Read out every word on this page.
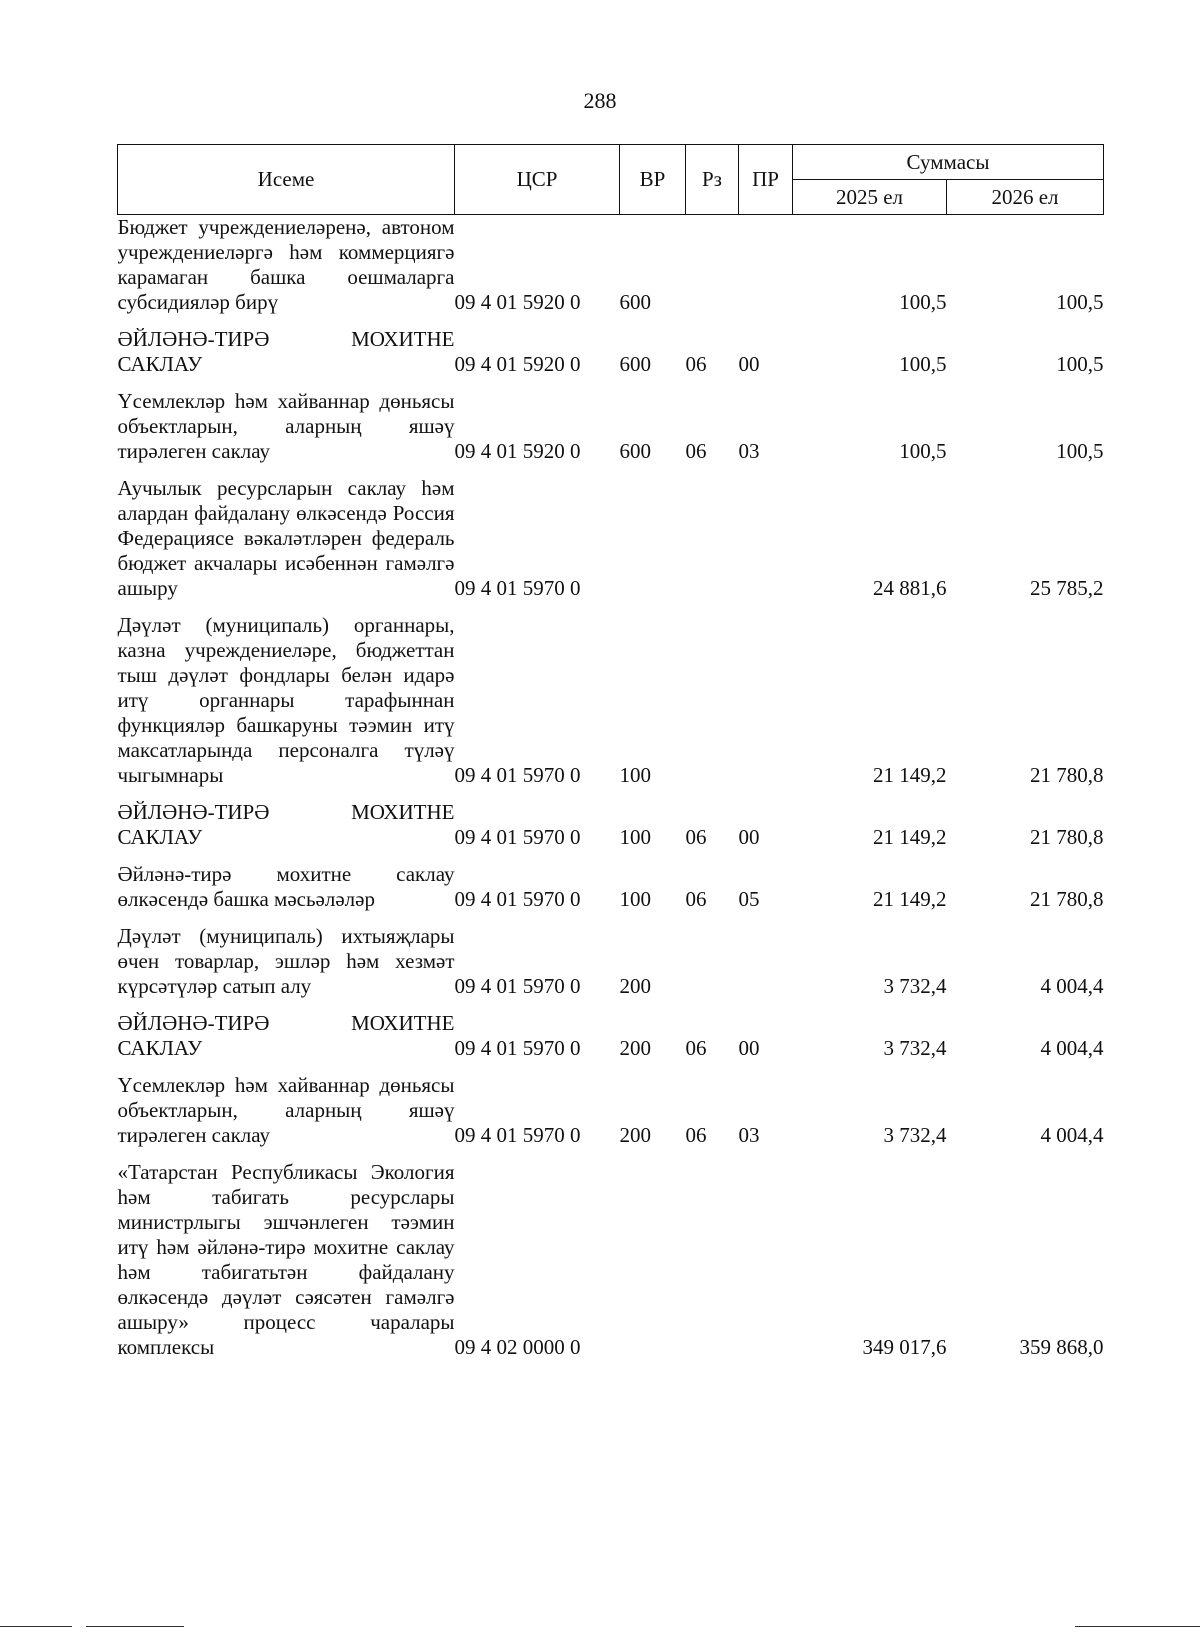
288
Исеме	ЦСР	ВР	Рз	ПР	Суммасы	
					2025 ел	2026 ел
Бюджет учреждениеләренә, автоном учреждениеләргә һәм коммерциягә карамаган башка оешмаларга субсидияләр бирү	09 4 01 5920 0	600			100,5	100,5

ӘЙЛӘНӘ-ТИРӘ МОХИТНЕ САКЛАУ	09 4 01 5920 0	600	06	00	100,5	100,5

Үсемлекләр һәм хайваннар дөньясы объектларын, аларның яшәү тирәлеген саклау	09 4 01 5920 0	600	06	03	100,5	100,5

Аучылык ресурсларын саклау һәм алардан файдалану өлкәсендә Россия Федерациясе вәкаләтләрен федераль бюджет акчалары исәбеннән гамәлгә ашыру	09 4 01 5970 0				24 881,6	25 785,2

Дәүләт (муниципаль) органнары, казна учреждениеләре, бюджеттан тыш дәүләт фондлары белән идарә итү органнары тарафыннан функцияләр башкаруны тәэмин итү максатларында персоналга түләү чыгымнары	09 4 01 5970 0	100			21 149,2	21 780,8

ӘЙЛӘНӘ-ТИРӘ МОХИТНЕ САКЛАУ	09 4 01 5970 0	100	06	00	21 149,2	21 780,8

Әйләнә-тирә мохитне саклау өлкәсендә башка мәсьәләләр	09 4 01 5970 0	100	06	05	21 149,2	21 780,8

Дәүләт (муниципаль) ихтыяҗлары өчен товарлар, эшләр һәм хезмәт күрсәтүләр сатып алу	09 4 01 5970 0	200			3 732,4	4 004,4

ӘЙЛӘНӘ-ТИРӘ МОХИТНЕ САКЛАУ	09 4 01 5970 0	200	06	00	3 732,4	4 004,4

Үсемлекләр һәм хайваннар дөньясы объектларын, аларның яшәү тирәлеген саклау	09 4 01 5970 0	200	06	03	3 732,4	4 004,4

«Татарстан Республикасы Экология һәм табигать ресурслары министрлыгы эшчәнлеген тәэмин итү һәм әйләнә-тирә мохитне саклау һәм табигатьтән файдалану өлкәсендә дәүләт сәясәтен гамәлгә ашыру» процесс чаралары комплексы	09 4 02 0000 0				349 017,6	359 868,0
